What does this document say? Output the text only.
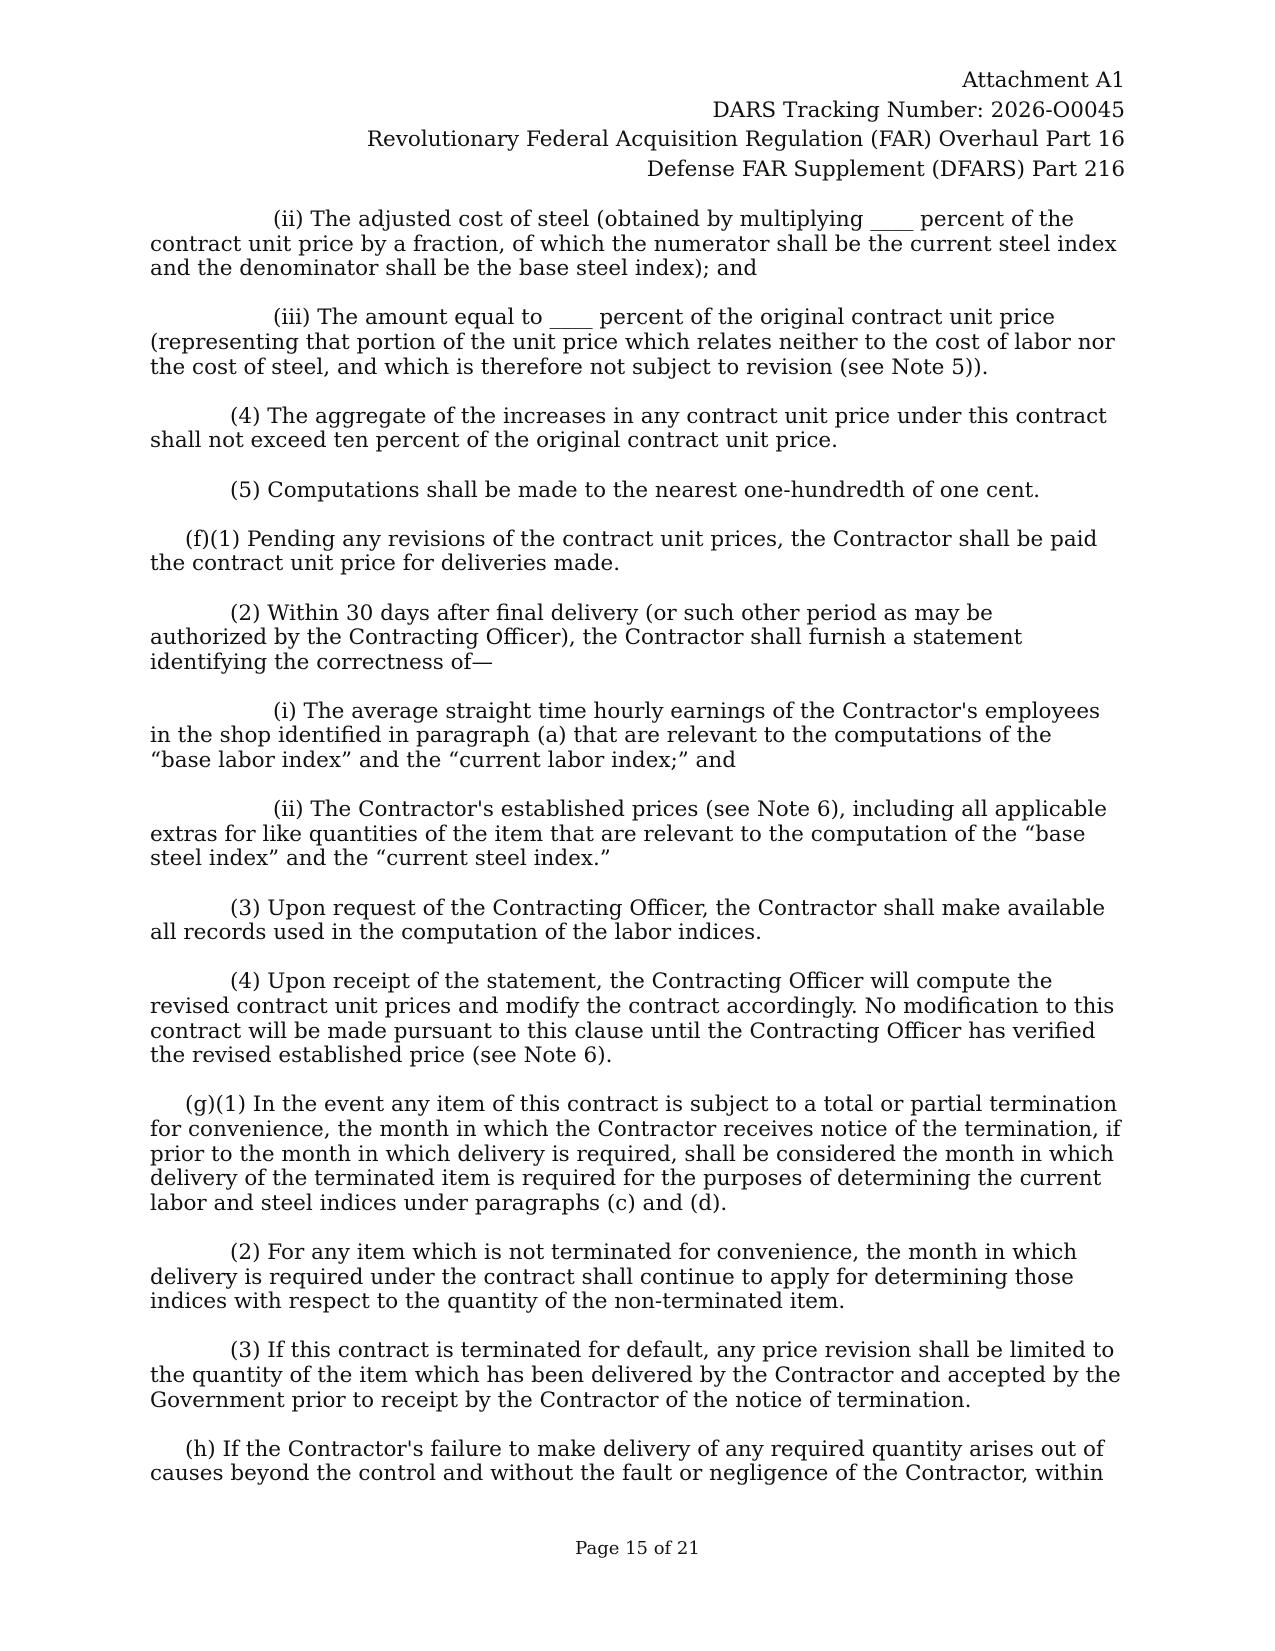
Attachment A1
DARS Tracking Number: 2026-O0045
Revolutionary Federal Acquisition Regulation (FAR) Overhaul Part 16
Defense FAR Supplement (DFARS) Part 216
(ii) The adjusted cost of steel (obtained by multiplying ____ percent of the
contract unit price by a fraction, of which the numerator shall be the current steel index
and the denominator shall be the base steel index); and
(iii) The amount equal to ____ percent of the original contract unit price
(representing that portion of the unit price which relates neither to the cost of labor nor
the cost of steel, and which is therefore not subject to revision (see Note 5)).
(4) The aggregate of the increases in any contract unit price under this contract
shall not exceed ten percent of the original contract unit price.
(5) Computations shall be made to the nearest one-hundredth of one cent.
(f)(1) Pending any revisions of the contract unit prices, the Contractor shall be paid
the contract unit price for deliveries made.
(2) Within 30 days after final delivery (or such other period as may be
authorized by the Contracting Officer), the Contractor shall furnish a statement
identifying the correctness of—
(i) The average straight time hourly earnings of the Contractor's employees
in the shop identified in paragraph (a) that are relevant to the computations of the
“base labor index” and the “current labor index;” and
(ii) The Contractor's established prices (see Note 6), including all applicable
extras for like quantities of the item that are relevant to the computation of the “base
steel index” and the “current steel index.”
(3) Upon request of the Contracting Officer, the Contractor shall make available
all records used in the computation of the labor indices.
(4) Upon receipt of the statement, the Contracting Officer will compute the
revised contract unit prices and modify the contract accordingly. No modification to this
contract will be made pursuant to this clause until the Contracting Officer has verified
the revised established price (see Note 6).
(g)(1) In the event any item of this contract is subject to a total or partial termination
for convenience, the month in which the Contractor receives notice of the termination, if
prior to the month in which delivery is required, shall be considered the month in which
delivery of the terminated item is required for the purposes of determining the current
labor and steel indices under paragraphs (c) and (d).
(2) For any item which is not terminated for convenience, the month in which
delivery is required under the contract shall continue to apply for determining those
indices with respect to the quantity of the non-terminated item.
(3) If this contract is terminated for default, any price revision shall be limited to
the quantity of the item which has been delivered by the Contractor and accepted by the
Government prior to receipt by the Contractor of the notice of termination.
(h) If the Contractor's failure to make delivery of any required quantity arises out of
causes beyond the control and without the fault or negligence of the Contractor, within
Page 15 of 21
